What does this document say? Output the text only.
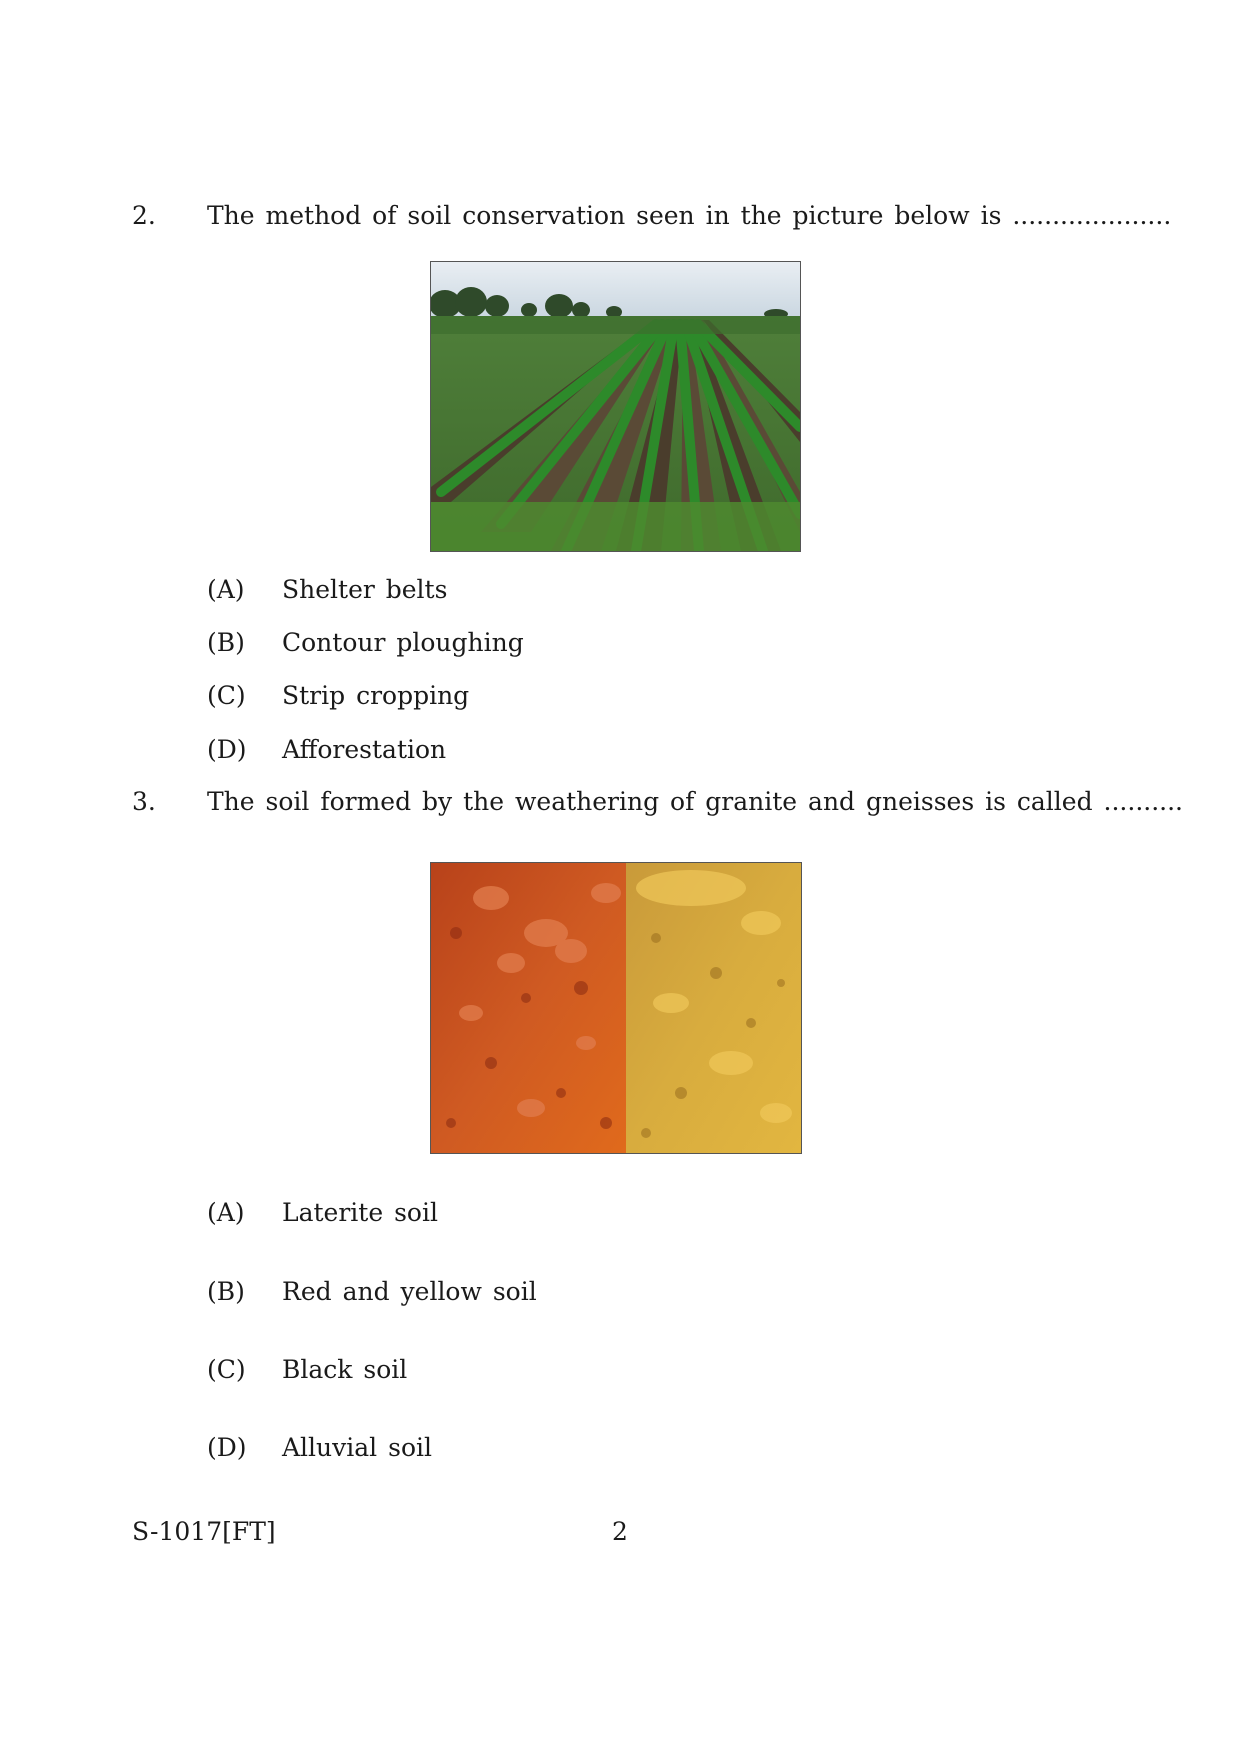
2. The method of soil conservation seen in the picture below is ....................
(A) Shelter belts
(B) Contour ploughing
(C) Strip cropping
(D) Afforestation
3. The soil formed by the weathering of granite and gneisses is called ..........
(A) Laterite soil
(B) Red and yellow soil
(C) Black soil
(D) Alluvial soil
S-1017[FT]	2
